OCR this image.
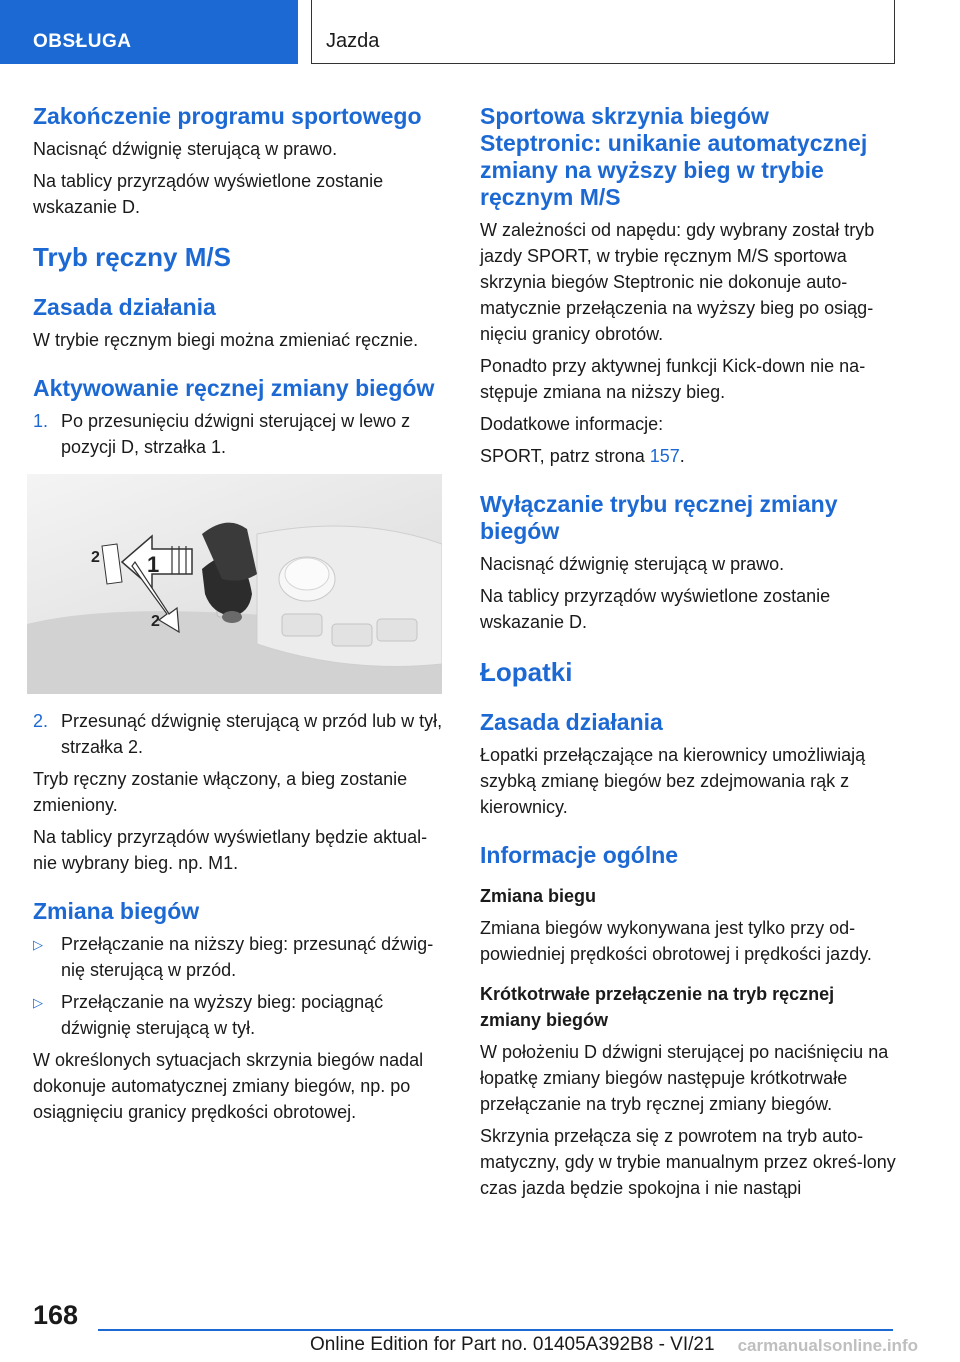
OBSŁUGA	Jazda
Zakończenie programu sportowego

Nacisnąć dźwignię sterującą w prawo.

Na tablicy przyrządów wyświetlone zostanie wskazanie D.

Tryb ręczny M/S
Zasada działania

W trybie ręcznym biegi można zmieniać ręcznie.

Aktywowanie ręcznej zmiany biegów
1. Po przesunięciu dźwigni sterującej w lewo z pozycji D, strzałka 1.
1
2
2
2. Przesunąć dźwignię sterującą w przód lub w tył, strzałka 2.

Tryb ręczny zostanie włączony, a bieg zostanie zmieniony.

Na tablicy przyrządów wyświetlany będzie aktual-nie wybrany bieg. np. M1.

Zmiana biegów
▷	Przełączanie na niższy bieg: przesunąć dźwig-nię sterującą w przód.
▷	Przełączanie na wyższy bieg: pociągnąć dźwignię sterującą w tył.

W określonych sytuacjach skrzynia biegów nadal dokonuje automatycznej zmiany biegów, np. po osiągnięciu granicy prędkości obrotowej.

Sportowa skrzynia biegów Steptronic: unikanie automatycznej zmiany na wyższy bieg w trybie ręcznym M/S

W zależności od napędu: gdy wybrany został tryb jazdy SPORT, w trybie ręcznym M/S sportowa skrzynia biegów Steptronic nie dokonuje auto-matycznie przełączenia na wyższy bieg po osiąg-nięciu granicy obrotów.

Ponadto przy aktywnej funkcji Kick-down nie na-stępuje zmiana na niższy bieg.

Dodatkowe informacje:

SPORT, patrz strona 157.

Wyłączanie trybu ręcznej zmiany biegów

Nacisnąć dźwignię sterującą w prawo.

Na tablicy przyrządów wyświetlone zostanie wskazanie D.

Łopatki
Zasada działania

Łopatki przełączające na kierownicy umożliwiają szybką zmianę biegów bez zdejmowania rąk z kierownicy.

Informacje ogólne
Zmiana biegu

Zmiana biegów wykonywana jest tylko przy od-powiedniej prędkości obrotowej i prędkości jazdy.

Krótkotrwałe przełączenie na tryb ręcznej zmiany biegów

W położeniu D dźwigni sterującej po naciśnięciu na łopatkę zmiany biegów następuje krótkotrwałe przełączanie na tryb ręcznej zmiany biegów.

Skrzynia przełącza się z powrotem na tryb auto-matyczny, gdy w trybie manualnym przez okreś-lony czas jazda będzie spokojna i nie nastąpi

168
Online Edition for Part no. 01405A392B8 - VI/21 carmanualsonline.info
